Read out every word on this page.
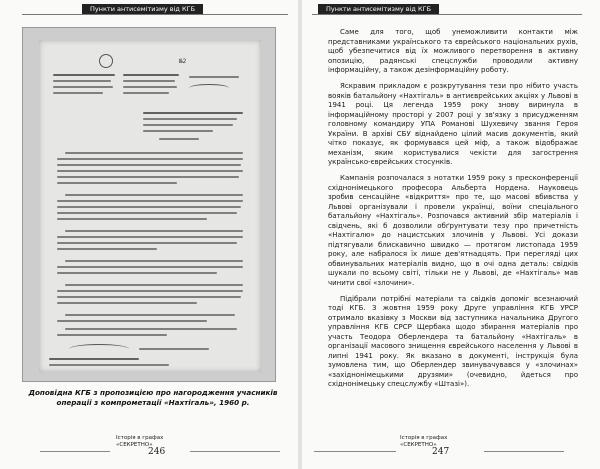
Пункти антисемітизму від КГБ
№2
Доповідна КГБ з пропозицією про нагородження учасників операції з компрометації «Нахтігаль», 1960 р.
Історія в графах
«СЕКРЕТНО»
246
Пункти антисемітизму від КГБ

Саме для того, щоб унеможливити контакти між представниками українського та єврейського національних рухів, щоб убезпечитися від їх можливого перетворення в активну опозицію, радянські спецслужби проводили активну інформаційну, а також дезінформаційну роботу.

Яскравим прикладом є розкрутування тези про нібито участь вояків батальйону «Нахтігаль» в антиєврейських акціях у Львові в 1941 році. Ця легенда 1959 року знову виринула в інформаційному просторі у 2007 році у зв'язку з присудженням головному командиру УПА Романові Шухевичу звання Героя України. В архіві СБУ віднайдено цілий масив документів, який чітко показує, як формувався цей міф, а також відображає механізм, яким користувалися чекісти для загострення українсько-єврейських стосунків.

Кампанія розпочалася з нотатки 1959 року з пресконференції східнонімецького професора Альберта Нордена. Науковець зробив сенсаційне «відкриття» про те, що масові вбивства у Львові організували і провели українці, воїни спеціального батальйону «Нахтігаль». Розпочався активний збір матеріалів і свідчень, які б дозволили обґрунтувати тезу про причетність «Нахтігалю» до нацистських злочинів у Львові. Усі докази підтягували блискавично швидко — протягом листопада 1959 року, але набралося їх лише дев'ятнадцять. При перегляді цих обвинувальних матеріалів видно, що в очі одна деталь: свідків шукали по всьому світі, тільки не у Львові, де «Нахтігаль» мав чинити свої «злочини».

Підібрали потрібні матеріали та свідків допоміг всезнаючий тоді КГБ. З жовтня 1959 року Друге управління КГБ УРСР отримало вказівку з Москви від заступника начальника Другого управління КГБ СРСР Щербака щодо збирання матеріалів про участь Теодора Оберлендера та батальйону «Нахтігаль» в організації масового знищення єврейського населення у Львові в липні 1941 року. Як вказано в документі, інструкція була зумовлена тим, що Оберлендер звинувачувався у «злочинах» «західнонімецькими друзями» (очевидно, йдеться про східнонімецьку спецслужбу «Штазі»).

Історія в графах
«СЕКРЕТНО»
247
